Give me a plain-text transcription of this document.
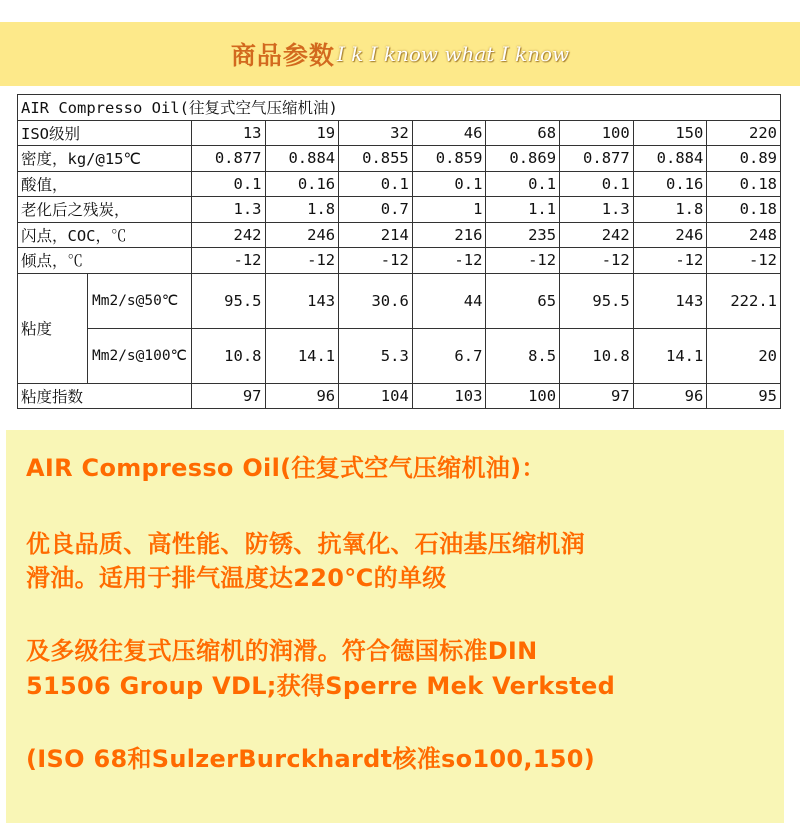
商品参数 I k I know what I know
AIR Compresso Oil(往复式空气压缩机油)									
ISO级别		13	19	32	46	68	100	150	220
密度，kg/@15℃		0.877	0.884	0.855	0.859	0.869	0.877	0.884	0.89
酸值，		0.1	0.16	0.1	0.1	0.1	0.1	0.16	0.18
老化后之残炭，		1.3	1.8	0.7	1	1.1	1.3	1.8	0.18
闪点，COC，℃		242	246	214	216	235	242	246	248
倾点，℃		-12	-12	-12	-12	-12	-12	-12	-12
粘度	Mm2/s@50℃	95.5	143	30.6	44	65	95.5	143	222.1
	Mm2/s@100℃	10.8	14.1	5.3	6.7	8.5	10.8	14.1	20
粘度指数		97	96	104	103	100	97	96	95
AIR Compresso Oil(往复式空气压缩机油)：
优良品质、高性能、防锈、抗氧化、石油基压缩机润
滑油。适用于排气温度达220℃的单级
及多级往复式压缩机的润滑。符合德国标准DIN
51506 Group VDL;获得Sperre Mek Verksted
(ISO 68和SulzerBurckhardt核准so100,150)
